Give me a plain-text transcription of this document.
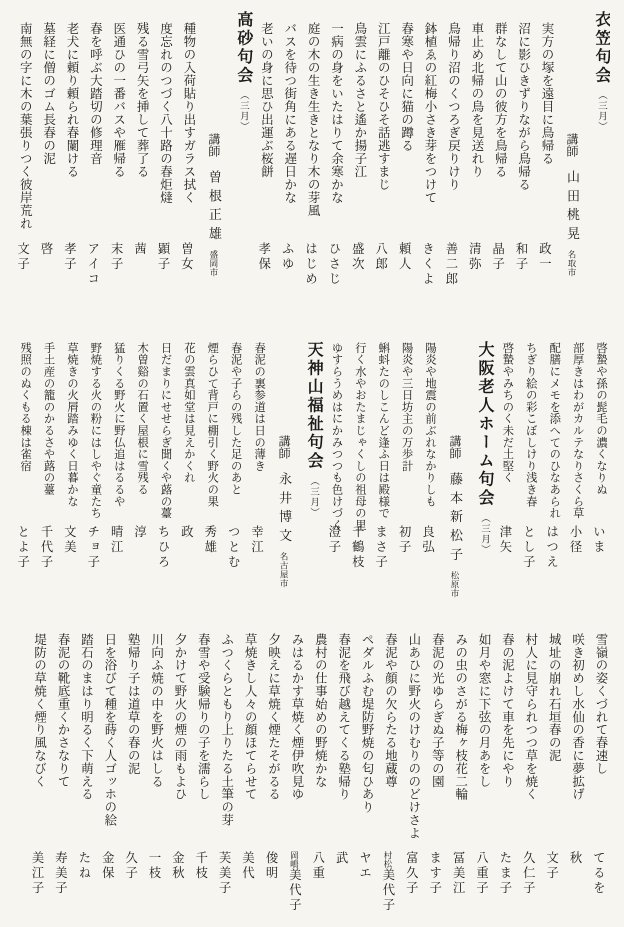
衣笠句会（三月）
講師山田桃晃名取市
実方の塚を遠目に鳥帰る
政一
沼に影ひきずりながら鳥帰る
和子
群なして山の彼方を鳥帰る
晶子
車止め北帰の鳥を見送れり
清弥
鳥帰り沼のくつろぎ戻りけり
善二郎
鉢植ゑの紅梅小さき芽をつけて
きくよ
春寒や日向に猫の蹲る
頼人
江戸離のひそひそ話逃すまじ
八郎
鳥雲にふるさと遙か揚子江
盛次
一病の身をいたはりて余寒かな
ひさじ
庭の木の生き生きとなり木の芽風
はじめ
バスを待つ街角にある遅日かな
ふゆ
老いの身に思ひ出運ぶ桜餅
孝保
高砂句会（三月）
講師曽根正雄盛岡市
種物の入荷貼り出すガラス拭く
曽女
度忘れのつづく八十路の春炬燵
顕子
残る雪弓矢を挿して葬了る
茜
医通ひの一番バスや雁帰る
末子
春を呼ぶ大踏切の修理音
アイコ
老犬に頼り頼られ春闌ける
孝子
墓経に僧のゴム長春の泥
啓
南無の字に木の葉張りつく彼岸荒れ
文子
啓蟄や孫の髭毛の濃くなりぬ
いま
部厚きはわがカルテなりさくら草
小径
配膳にメモを添へてのひなあられ
はつえ
ちぎり絵の彩こぼしけり浅き春
とし子
啓蟄やみちのく未だ土堅く
津矢
大阪老人ホーム句会（三月）
講師藤本新松子松原市
陽炎や地震の前ぶれなかりしも
良弘
陽炎や三日坊主の万歩計
初子
蝌蚪たのしこんど逢ふ日は殿様で
まさ子
行く水やおたまじゃくしの祖母の里
千鶴枝
ゆすらうめはにかみつつも色けづく
澄子
天神山福祉句会（三月）
講師永井博文名古屋市
春泥の裏参道は日の薄き
幸江
春泥や子らの残した足のあと
つとむ
煙らひて背戸に棚引く野火の果
秀雄
花の雲真如堂は見えかくれ
政
日だまりにせせらぎ聞くや蕗の薹
ちひろ
木曽谿の石置く屋根に雪残る
淳
猛りくる野火に野仏追はるるや
晴江
野焼する火の粉にはしやぐ童たち
チョ子
草焼きの火屑踏みゆく日暮かな
文美
手土産の籠のかるさや蕗の薹
千代子
残照のぬくもる棟は雀宿
とよ子
雪嶺の姿くづれて春速し
てるを
咲き初めし水仙の香に夢拡げ
秋
城址の崩れ石垣春の泥
文子
村人に見守られつつ草を焼く
久仁子
春の泥よけて車を先にやり
たま子
如月や窓に下弦の月あをし
八重子
みの虫のさがる梅ヶ枝花二輪
冨美江
春泥の光ゆらぎぬ子等の園
ます子
山あひに野火のけむりののどけさよ
富久子
春泥や顔の欠らたる地蔵尊
村松美代子
ペダルふむ堤防野焼の匂ひあり
ヤエ
春泥を飛び越えてくる塾帰り
武
農村の仕事始めの野焼かな
八重
みはるかす草焼く煙伊吹見ゆ
岡嶋美代子
夕映えに草焼く煙たそがるる
俊明
草焼きし人々の顔ほてらせて
美代
ふつくらともり上りたる土筆の芽
芙美子
春雪や受験帰りの子を濡らし
千枝
夕かけて野火の煙の雨もよひ
金秋
川向ふ焼の中を野火はしる
一枝
塾帰り子は道草の春の泥
久子
日を浴びて種を蒔く人ゴッホの絵
金保
踏石のまはり明るく下萌える
たね
春泥の靴底重くかさなりて
寿美子
堤防の草焼く煙り風なびく
美江子
